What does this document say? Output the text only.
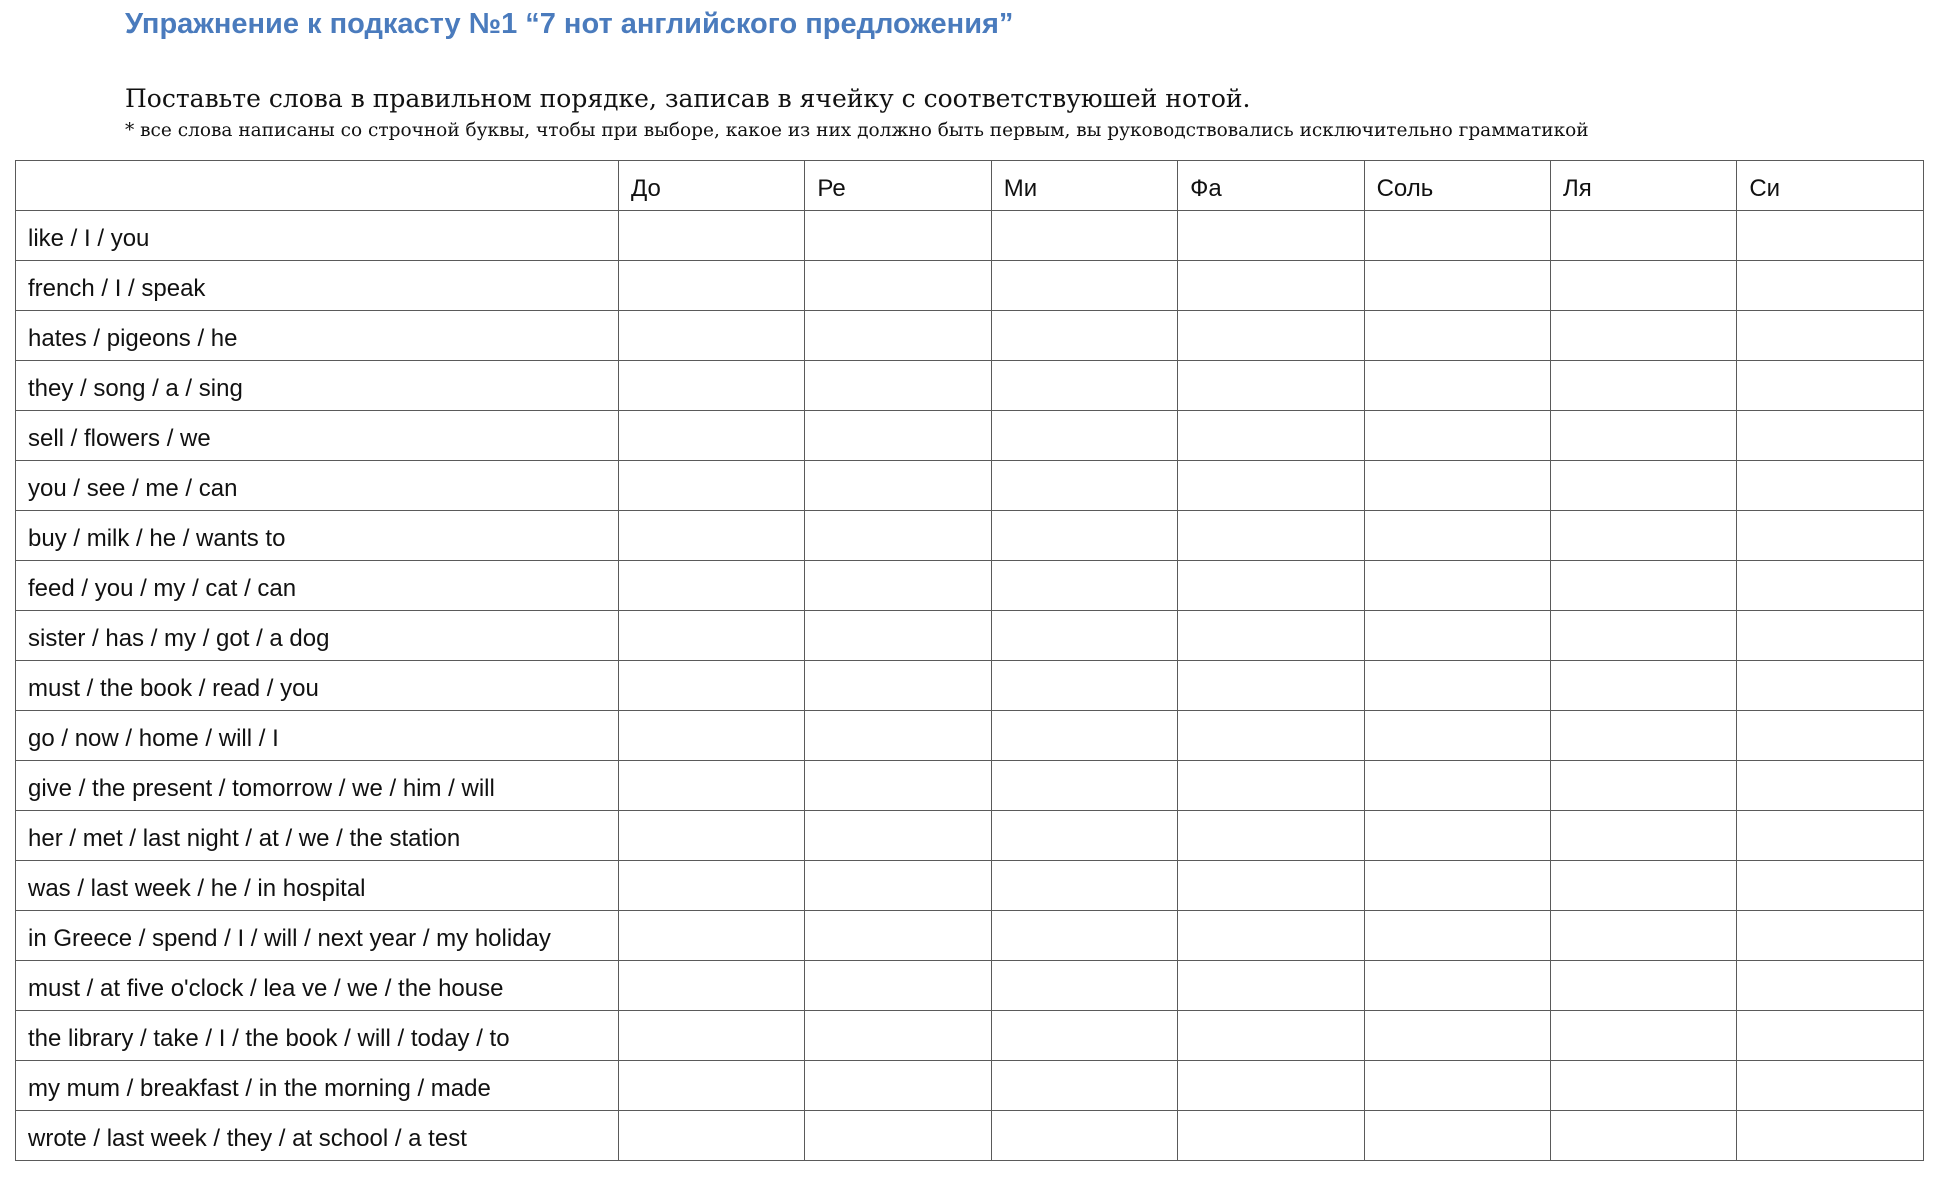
Упражнение к подкасту №1 “7 нот английского предложения”
Поставьте слова в правильном порядке, записав в ячейку с соответствуюшей нотой.
* все слова написаны со строчной буквы, чтобы при выборе, какое из них должно быть первым, вы руководствовались исключительно грамматикой
	До	Ре	Ми	Фа	Соль	Ля	Си
like / I / you							
french / I / speak							
hates / pigeons / he							
they / song / a / sing							
sell / flowers / we							
you / see / me / can							
buy / milk / he / wants to							
feed / you / my / cat / can							
sister / has / my / got / a dog							
must / the book / read / you							
go / now / home / will / I							
give / the present / tomorrow / we / him / will							
her / met / last night / at / we / the station							
was / last week / he / in hospital							
in Greece / spend / I / will / next year / my holiday							
must / at five o'clock / lea ve / we / the house							
the library / take / I / the book / will / today / to							
my mum / breakfast / in the morning / made							
wrote / last week / they / at school / a test							
